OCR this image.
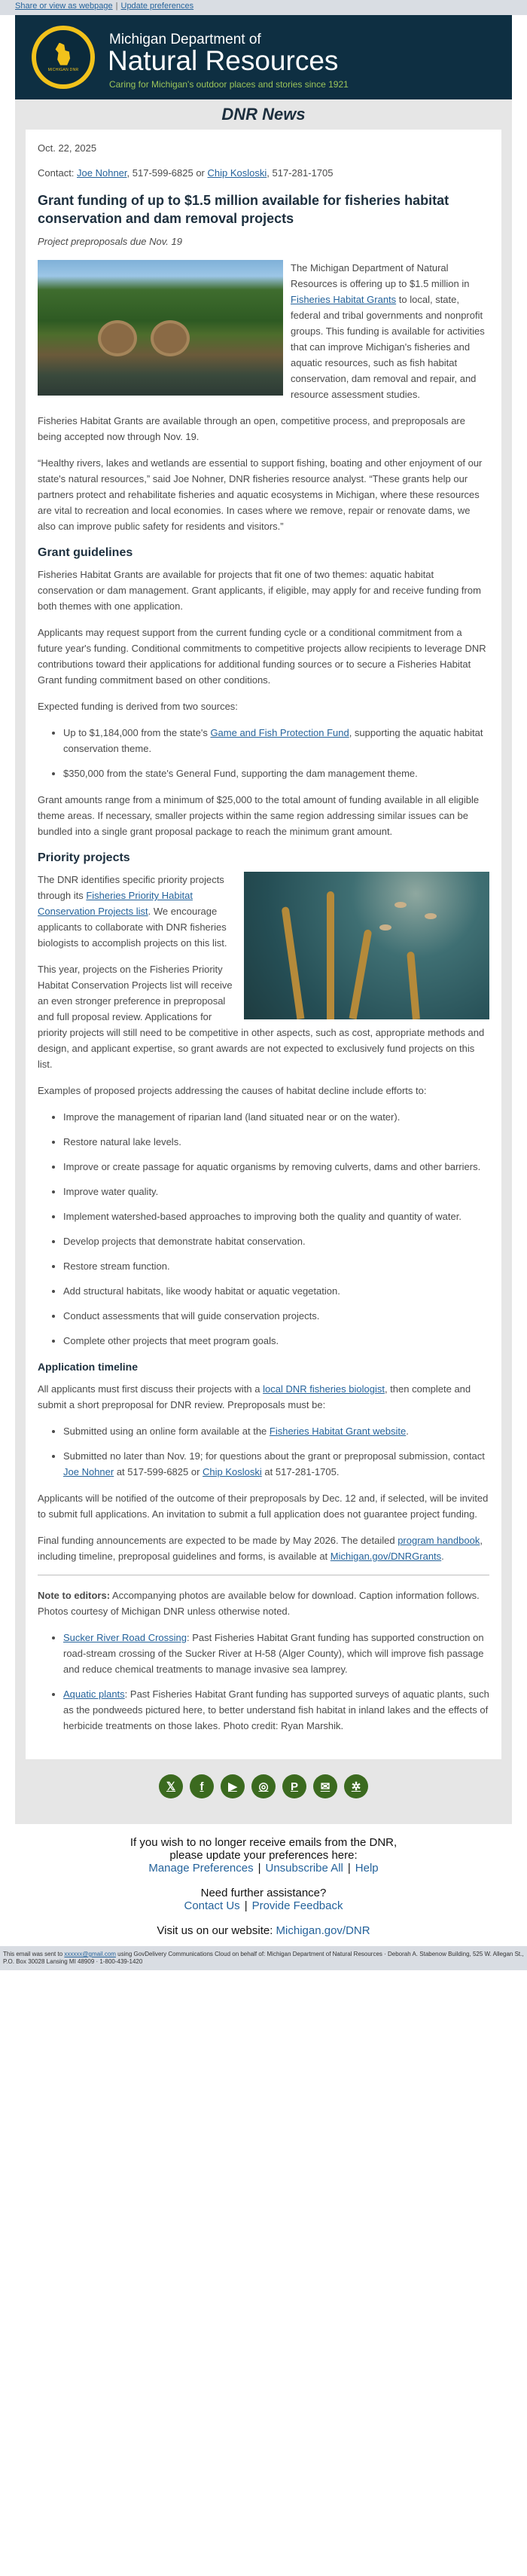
Share or view as webpage | Update preferences
MICHIGAN DNR
Michigan Department of
Natural Resources
Caring for Michigan's outdoor places and stories since 1921
DNR News
Oct. 22, 2025

Contact: Joe Nohner, 517-599-6825 or Chip Kosloski, 517-281-1705

Grant funding of up to $1.5 million available for fisheries habitat conservation and dam removal projects

Project preproposals due Nov. 19

The Michigan Department of Natural Resources is offering up to $1.5 million in Fisheries Habitat Grants to local, state, federal and tribal governments and nonprofit groups. This funding is available for activities that can improve Michigan's fisheries and aquatic resources, such as fish habitat conservation, dam removal and repair, and resource assessment studies.

Fisheries Habitat Grants are available through an open, competitive process, and preproposals are being accepted now through Nov. 19.

“Healthy rivers, lakes and wetlands are essential to support fishing, boating and other enjoyment of our state's natural resources,” said Joe Nohner, DNR fisheries resource analyst. “These grants help our partners protect and rehabilitate fisheries and aquatic ecosystems in Michigan, where these resources are vital to recreation and local economies. In cases where we remove, repair or renovate dams, we also can improve public safety for residents and visitors.”

Grant guidelines

Fisheries Habitat Grants are available for projects that fit one of two themes: aquatic habitat conservation or dam management. Grant applicants, if eligible, may apply for and receive funding from both themes with one application.

Applicants may request support from the current funding cycle or a conditional commitment from a future year's funding. Conditional commitments to competitive projects allow recipients to leverage DNR contributions toward their applications for additional funding sources or to secure a Fisheries Habitat Grant funding commitment based on other conditions.

Expected funding is derived from two sources:

• Up to $1,184,000 from the state's Game and Fish Protection Fund, supporting the aquatic habitat conservation theme.
• $350,000 from the state's General Fund, supporting the dam management theme.

Grant amounts range from a minimum of $25,000 to the total amount of funding available in all eligible theme areas. If necessary, smaller projects within the same region addressing similar issues can be bundled into a single grant proposal package to reach the minimum grant amount.

Priority projects

The DNR identifies specific priority projects through its Fisheries Priority Habitat Conservation Projects list. We encourage applicants to collaborate with DNR fisheries biologists to accomplish projects on this list.

This year, projects on the Fisheries Priority Habitat Conservation Projects list will receive an even stronger preference in preproposal and full proposal review. Applications for priority projects will still need to be competitive in other aspects, such as cost, appropriate methods and design, and applicant expertise, so grant awards are not expected to exclusively fund projects on this list.

Examples of proposed projects addressing the causes of habitat decline include efforts to:

• Improve the management of riparian land (land situated near or on the water).
• Restore natural lake levels.
• Improve or create passage for aquatic organisms by removing culverts, dams and other barriers.
• Improve water quality.
• Implement watershed-based approaches to improving both the quality and quantity of water.
• Develop projects that demonstrate habitat conservation.
• Restore stream function.
• Add structural habitats, like woody habitat or aquatic vegetation.
• Conduct assessments that will guide conservation projects.
• Complete other projects that meet program goals.
Application timeline

All applicants must first discuss their projects with a local DNR fisheries biologist, then complete and submit a short preproposal for DNR review. Preproposals must be:

• Submitted using an online form available at the Fisheries Habitat Grant website.
• Submitted no later than Nov. 19; for questions about the grant or preproposal submission, contact Joe Nohner at 517-599-6825 or Chip Kosloski at 517-281-1705.

Applicants will be notified of the outcome of their preproposals by Dec. 12 and, if selected, will be invited to submit full applications. An invitation to submit a full application does not guarantee project funding.

Final funding announcements are expected to be made by May 2026. The detailed program handbook, including timeline, preproposal guidelines and forms, is available at Michigan.gov/DNRGrants.

Note to editors: Accompanying photos are available below for download. Caption information follows. Photos courtesy of Michigan DNR unless otherwise noted.

• Sucker River Road Crossing: Past Fisheries Habitat Grant funding has supported construction on road-stream crossing of the Sucker River at H-58 (Alger County), which will improve fish passage and reduce chemical treatments to manage invasive sea lamprey.
• Aquatic plants: Past Fisheries Habitat Grant funding has supported surveys of aquatic plants, such as the pondweeds pictured here, to better understand fish habitat in inland lakes and the effects of herbicide treatments on those lakes. Photo credit: Ryan Marshik.
𝕏	f	▶	◎	P	✉	✲
If you wish to no longer receive emails from the DNR,
please update your preferences here:
Manage Preferences | Unsubscribe All | Help
Need further assistance?
Contact Us | Provide Feedback
Visit us on our website: Michigan.gov/DNR
This email was sent to xxxxxx@gmail.com using GovDelivery Communications Cloud on behalf of: Michigan Department of Natural Resources · Deborah A. Stabenow Building, 525 W. Allegan St., P.O. Box 30028 Lansing MI 48909 · 1-800-439-1420
